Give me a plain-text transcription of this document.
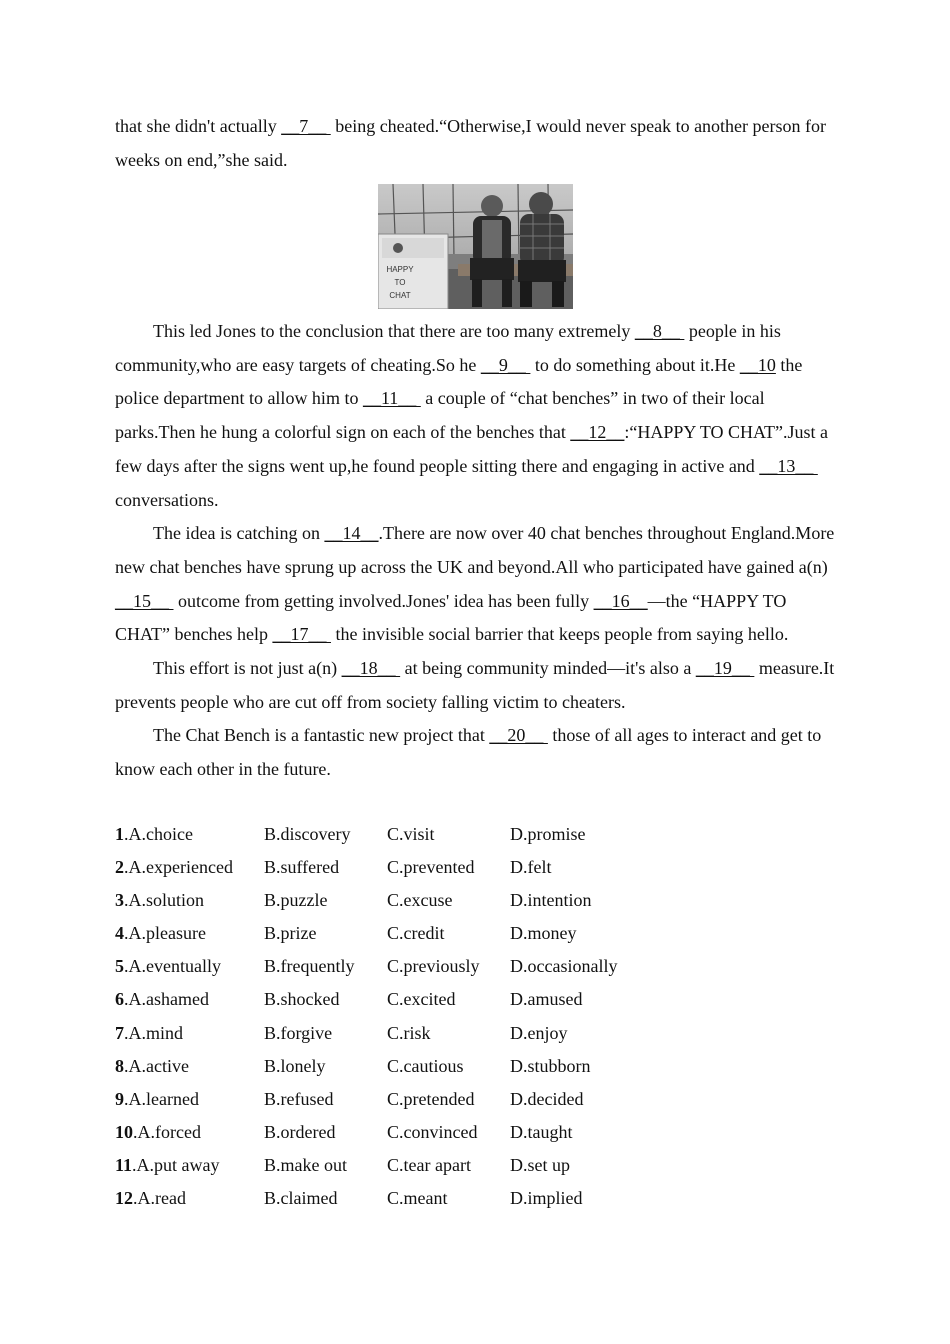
that she didn't actually __7__  being cheated.“Otherwise,I would never speak to another person for weeks on end,”she said.

HAPPY
TO
CHAT

This led Jones to the conclusion that there are too many extremely __8__  people in his community,who are easy targets of cheating.So he __9__  to do something about it.He __10 the police department to allow him to __11__  a couple of “chat benches” in two of their local parks.Then he hung a colorful sign on each of the benches that __12__:“HAPPY TO CHAT”.Just a few days after the signs went up,he found people sitting there and engaging in active and __13__  conversations.

The idea is catching on __14__.There are now over 40 chat benches throughout England.More new chat benches have sprung up across the UK and beyond.All who participated have gained a(n) __15__  outcome from getting involved.Jones' idea has been fully __16__—the “HAPPY TO CHAT” benches help __17__  the invisible social barrier that keeps people from saying hello.

This effort is not just a(n) __18__  at being community minded—it's also a __19__  measure.It prevents people who are cut off from society falling victim to cheaters.

The Chat Bench is a fantastic new project that __20__  those of all ages to interact and get to know each other in the future.

1.A.choice	B.discovery	C.visit	D.promise
2.A.experienced	B.suffered	C.prevented	D.felt
3.A.solution	B.puzzle	C.excuse	D.intention
4.A.pleasure	B.prize	C.credit	D.money
5.A.eventually	B.frequently	C.previously	D.occasionally
6.A.ashamed	B.shocked	C.excited	D.amused
7.A.mind	B.forgive	C.risk	D.enjoy
8.A.active	B.lonely	C.cautious	D.stubborn
9.A.learned	B.refused	C.pretended	D.decided
10.A.forced	B.ordered	C.convinced	D.taught
11.A.put away	B.make out	C.tear apart	D.set up
12.A.read	B.claimed	C.meant	D.implied
